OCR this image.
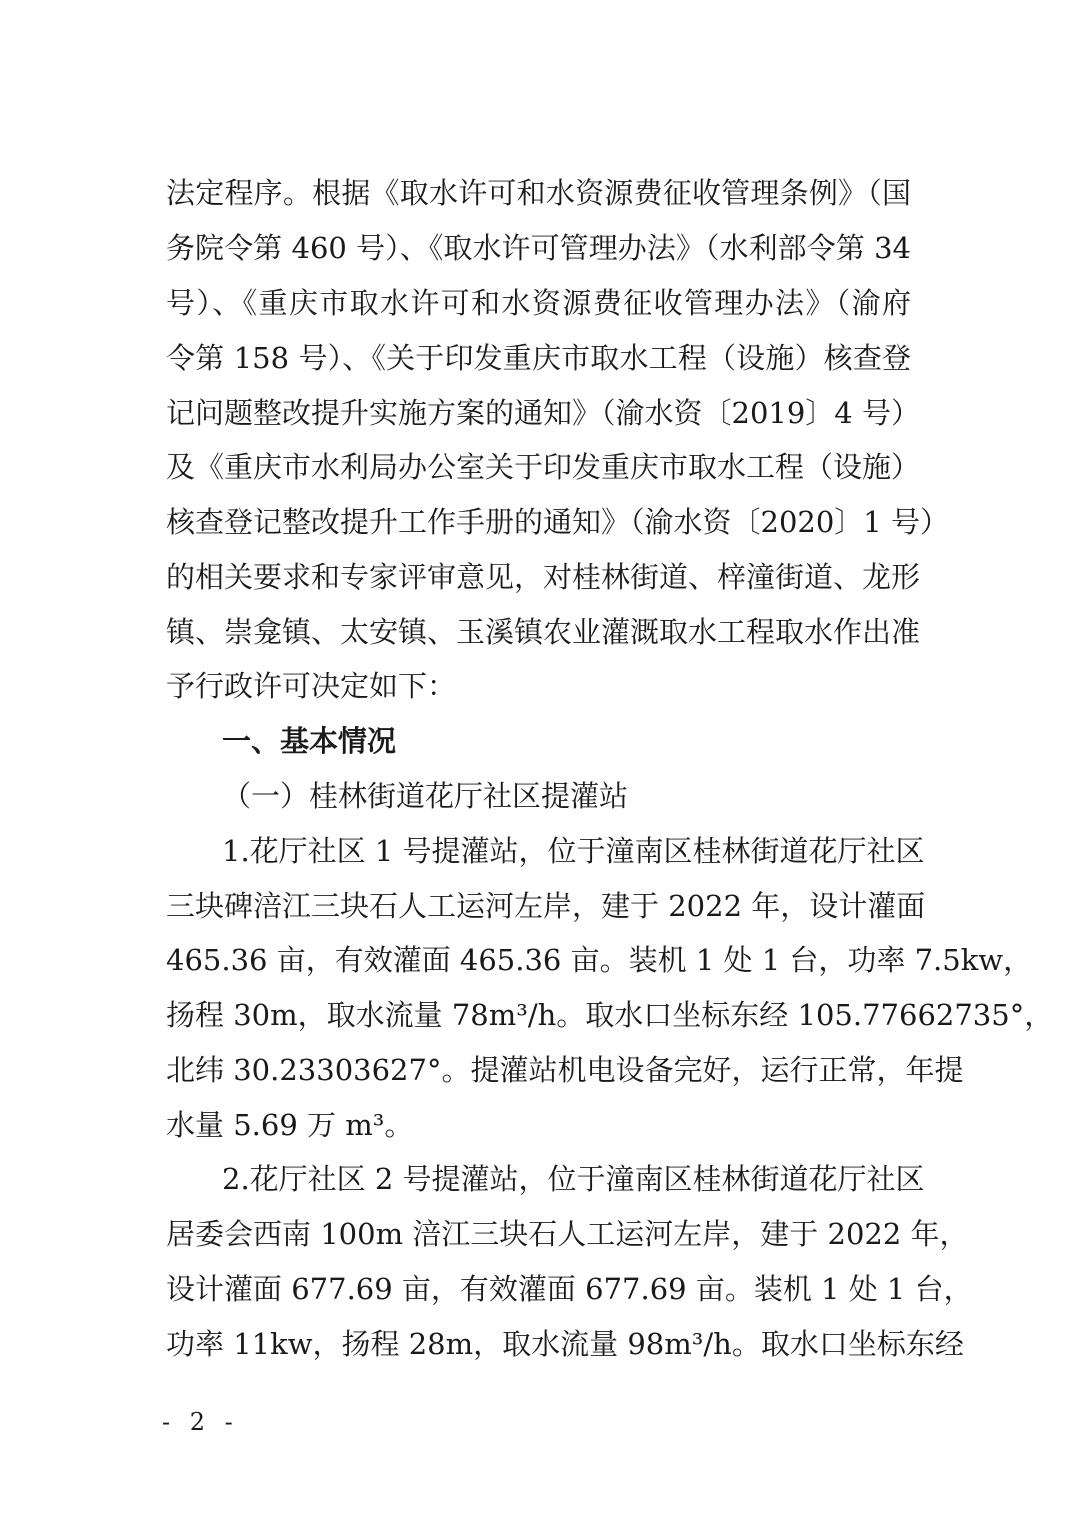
法定程序。根据《取水许可和水资源费征收管理条例》（国
务院令第 460 号）、《取水许可管理办法》（水利部令第 34
号）、《重庆市取水许可和水资源费征收管理办法》（渝府
令第 158 号）、《关于印发重庆市取水工程（设施）核查登
记问题整改提升实施方案的通知》（渝水资〔2019〕4 号）
及《重庆市水利局办公室关于印发重庆市取水工程（设施）
核查登记整改提升工作手册的通知》（渝水资〔2020〕1 号）
的相关要求和专家评审意见，对桂林街道、梓潼街道、龙形
镇、崇龛镇、太安镇、玉溪镇农业灌溉取水工程取水作出准
予行政许可决定如下：
一、基本情况
（一）桂林街道花厅社区提灌站
1.花厅社区 1 号提灌站，位于潼南区桂林街道花厅社区
三块碑涪江三块石人工运河左岸，建于 2022 年，设计灌面
465.36 亩，有效灌面 465.36 亩。装机 1 处 1 台，功率 7.5kw，
扬程 30m，取水流量 78m³/h。取水口坐标东经 105.77662735°，
北纬 30.23303627°。提灌站机电设备完好，运行正常，年提
水量 5.69 万 m³。
2.花厅社区 2 号提灌站，位于潼南区桂林街道花厅社区
居委会西南 100m 涪江三块石人工运河左岸，建于 2022 年，
设计灌面 677.69 亩，有效灌面 677.69 亩。装机 1 处 1 台，
功率 11kw，扬程 28m，取水流量 98m³/h。取水口坐标东经
- 2 -
